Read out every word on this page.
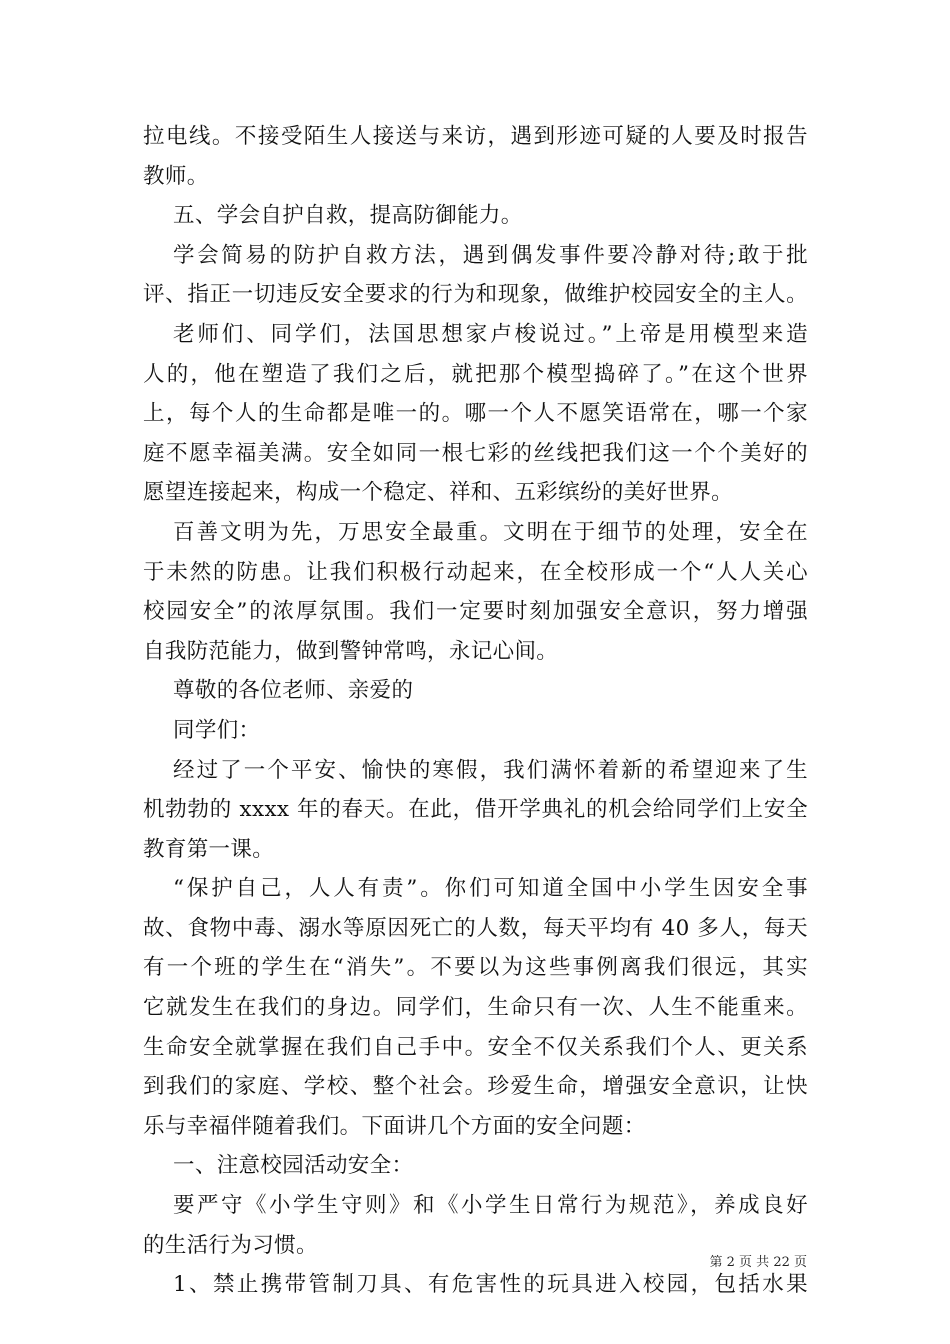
拉电线。不接受陌生人接送与来访，遇到形迹可疑的人要及时报告
教师。
五、学会自护自救，提高防御能力。
学会简易的防护自救方法，遇到偶发事件要冷静对待;敢于批
评、指正一切违反安全要求的行为和现象，做维护校园安全的主人。
老师们、同学们，法国思想家卢梭说过。”上帝是用模型来造
人的，他在塑造了我们之后，就把那个模型捣碎了。”在这个世界
上，每个人的生命都是唯一的。哪一个人不愿笑语常在，哪一个家
庭不愿幸福美满。安全如同一根七彩的丝线把我们这一个个美好的
愿望连接起来，构成一个稳定、祥和、五彩缤纷的美好世界。
百善文明为先，万思安全最重。文明在于细节的处理，安全在
于未然的防患。让我们积极行动起来，在全校形成一个“人人关心
校园安全”的浓厚氛围。我们一定要时刻加强安全意识，努力增强
自我防范能力，做到警钟常鸣，永记心间。
尊敬的各位老师、亲爱的
同学们：
经过了一个平安、愉快的寒假，我们满怀着新的希望迎来了生
机勃勃的 xxxx 年的春天。在此，借开学典礼的机会给同学们上安全
教育第一课。
“保护自己，人人有责”。你们可知道全国中小学生因安全事
故、食物中毒、溺水等原因死亡的人数，每天平均有 40 多人，每天
有一个班的学生在“消失”。不要以为这些事例离我们很远，其实
它就发生在我们的身边。同学们，生命只有一次、人生不能重来。
生命安全就掌握在我们自己手中。安全不仅关系我们个人、更关系
到我们的家庭、学校、整个社会。珍爱生命，增强安全意识，让快
乐与幸福伴随着我们。下面讲几个方面的安全问题：
一、注意校园活动安全：
要严守《小学生守则》和《小学生日常行为规范》，养成良好
的生活行为习惯。
1、禁止携带管制刀具、有危害性的玩具进入校园，包括水果
第 2 页 共 22 页
